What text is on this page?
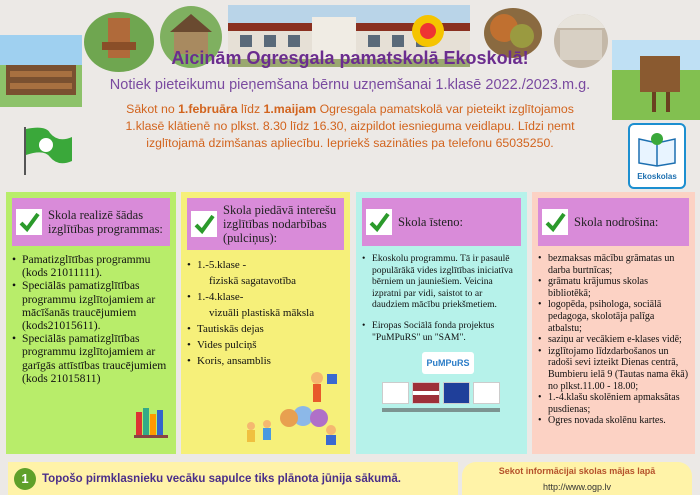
Aicinām Ogresgala pamatskolā Ekoskolā!
Notiek pieteikumu pieņemšana bērnu uzņemšanai 1.klasē 2022./2023.m.g.
Sākot no 1.februāra līdz 1.maijam Ogresgala pamatskolā var pieteikt izglītojamos 1.klasē klātienē no plkst. 8.30 līdz 16.30, aizpildot iesnieguma veidlapu. Līdzi ņemt izglītojamā dzimšanas apliecību. Iepriekš sazināties pa telefonu 65035250.
Ekoskolas
Skola realizē šādas izglītības programmas:
• Pamatizglītības programmu (kods 21011111).
• Speciālās pamatizglītības programmu izglītojamiem ar mācīšanās traucējumiem (kods21015611).
• Speciālās pamatizglītības programmu izglītojamiem ar garīgās attīstības traucējumiem (kods 21015811)
Skola piedāvā interešu izglītības nodarbības (pulciņus):
• 1.-5.klase -
fiziskā sagatavotība
• 1.-4.klase-
vizuāli plastiskā māksla
• Tautiskās dejas
• Vides pulciņš
• Koris, ansamblis
Skola īsteno:
• Ekoskolu programmu. Tā ir pasaulē populārākā vides izglītības iniciatīva bērniem un jauniešiem. Veicina izpratni par vidi, saistot to ar daudziem mācību priekšmetiem.
• Eiropas Sociālā fonda projektus "PuMPuRS" un "SAM".
PuMPuRS
Skola nodrošina:
• bezmaksas mācību grāmatas un darba burtnīcas;
• grāmatu krājumus skolas bibliotēkā;
• logopēda, psihologa, sociālā pedagoga, skolotāja palīga atbalstu;
• saziņu ar vecākiem e-klases vidē;
• izglītojamo līdzdarbošanos un radoši sevi izteikt Dienas centrā, Bumbieru ielā 9 (Tautas nama ēkā) no plkst.11.00 - 18.00;
• 1.-4.klašu skolēniem apmaksātas pusdienas;
• Ogres novada skolēnu kartes.
1	Topošo pirmklasnieku vecāku sapulce tiks plānota jūnija sākumā.
Sekot informācijai skolas mājas lapā
http://www.ogp.lv
